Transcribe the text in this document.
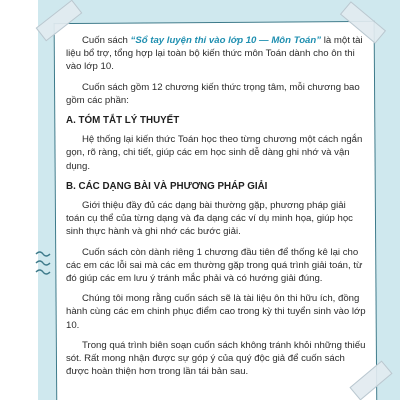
Cuốn sách “Sổ tay luyện thi vào lớp 10 — Môn Toán” là một tài liệu bổ trợ, tổng hợp lại toàn bộ kiến thức môn Toán dành cho ôn thi vào lớp 10.

Cuốn sách gồm 12 chương kiến thức trọng tâm, mỗi chương bao gồm các phần:

A. TÓM TẮT LÝ THUYẾT

Hệ thống lại kiến thức Toán học theo từng chương một cách ngắn gọn, rõ ràng, chi tiết, giúp các em học sinh dễ dàng ghi nhớ và vận dụng.

B. CÁC DẠNG BÀI VÀ PHƯƠNG PHÁP GIẢI

Giới thiệu đầy đủ các dạng bài thường gặp, phương pháp giải toán cụ thể của từng dạng và đa dạng các ví dụ minh họa, giúp học sinh thực hành và ghi nhớ các bước giải.

Cuốn sách còn dành riêng 1 chương đầu tiên để thống kê lại cho các em các lỗi sai mà các em thường gặp trong quá trình giải toán, từ đó giúp các em lưu ý tránh mắc phải và có hướng giải đúng.

Chúng tôi mong rằng cuốn sách sẽ là tài liệu ôn thi hữu ích, đồng hành cùng các em chinh phục điểm cao trong kỳ thi tuyển sinh vào lớp 10.

Trong quá trình biên soạn cuốn sách không tránh khỏi những thiếu sót. Rất mong nhận được sự góp ý của quý độc giả để cuốn sách được hoàn thiện hơn trong lần tái bản sau.
